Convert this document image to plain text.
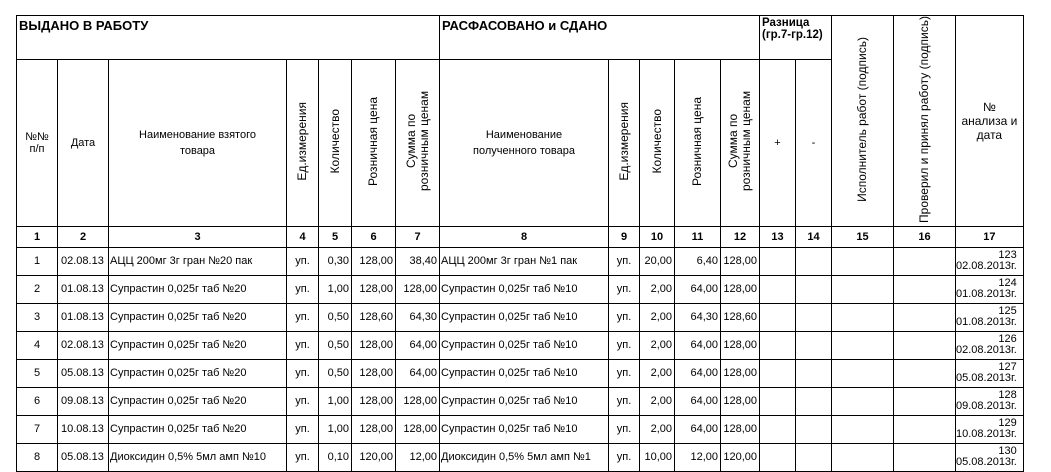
ВЫДАНО В РАБОТУ							РАСФАСОВАНО и СДАНО					Разница
(гр.7-гр.12)		Исполнитель работ (подпись)	Проверил и принял работу (подпись)	№ анализа и дата
№№ п/п	Дата	Наименование взятого товара	Ед.измерения	Количество	Розничная цена	Сумма по розничным ценам	Наименование полученного товара	Ед.измерения	Количество	Розничная цена	Сумма по розничным ценам	+	-			
1	2	3	4	5	6	7	8	9	10	11	12	13	14	15	16	17
1	02.08.13	АЦЦ 200мг 3г гран №20 пак	уп.	0,30	128,00	38,40	АЦЦ 200мг 3г гран №1 пак	уп.	20,00	6,40	128,00					123
02.08.2013г.

2	01.08.13	Супрастин 0,025г таб №20	уп.	1,00	128,00	128,00	Супрастин 0,025г таб №10	уп.	2,00	64,00	128,00					124
01.08.2013г.

3	01.08.13	Супрастин 0,025г таб №20	уп.	0,50	128,60	64,30	Супрастин 0,025г таб №10	уп.	2,00	64,30	128,60					125
01.08.2013г.

4	02.08.13	Супрастин 0,025г таб №20	уп.	0,50	128,00	64,00	Супрастин 0,025г таб №10	уп.	2,00	64,00	128,00					126
02.08.2013г.

5	05.08.13	Супрастин 0,025г таб №20	уп.	0,50	128,00	64,00	Супрастин 0,025г таб №10	уп.	2,00	64,00	128,00					127
05.08.2013г.

6	09.08.13	Супрастин 0,025г таб №20	уп.	1,00	128,00	128,00	Супрастин 0,025г таб №10	уп.	2,00	64,00	128,00					128
09.08.2013г.

7	10.08.13	Супрастин 0,025г таб №20	уп.	1,00	128,00	128,00	Супрастин 0,025г таб №10	уп.	2,00	64,00	128,00					129
10.08.2013г.

8	05.08.13	Диоксидин 0,5% 5мл амп №10	уп.	0,10	120,00	12,00	Диоксидин 0,5% 5мл амп №1	уп.	10,00	12,00	120,00					130
05.08.2013г.
